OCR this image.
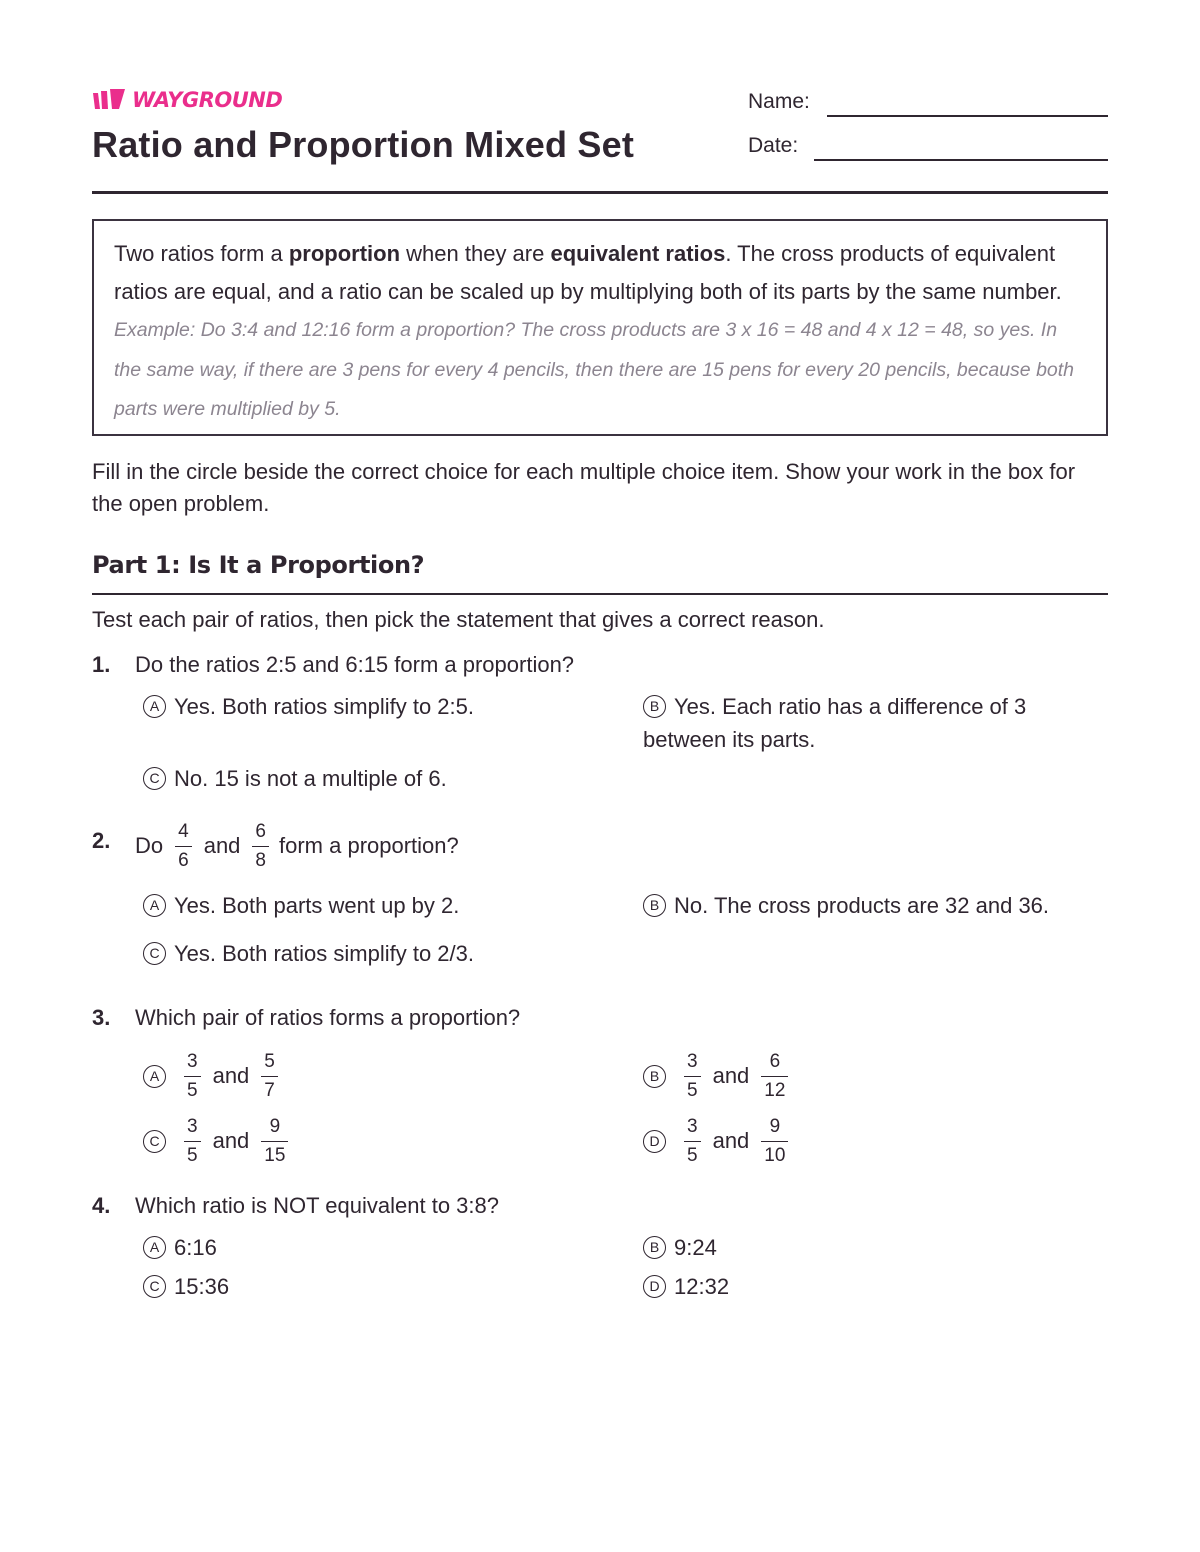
WAYGROUND
Ratio and Proportion Mixed Set
Name:
Date:
Two ratios form a proportion when they are equivalent ratios. The cross products of equivalent ratios are equal, and a ratio can be scaled up by multiplying both of its parts by the same number. Example: Do 3:4 and 12:16 form a proportion? The cross products are 3 x 16 = 48 and 4 x 12 = 48, so yes. In the same way, if there are 3 pens for every 4 pencils, then there are 15 pens for every 20 pencils, because both parts were multiplied by 5.
Fill in the circle beside the correct choice for each multiple choice item. Show your work in the box for the open problem.
Part 1: Is It a Proportion?
Test each pair of ratios, then pick the statement that gives a correct reason.
1. Do the ratios 2:5 and 6:15 form a proportion?
A Yes. Both ratios simplify to 2:5.	B Yes. Each ratio has a difference of 3 between its parts.
C No. 15 is not a multiple of 6.
2. Do $\frac{4}{6}$ and $\frac{6}{8}$ form a proportion?
A Yes. Both parts went up by 2.	B No. The cross products are 32 and 36.
C Yes. Both ratios simplify to 2/3.
3. Which pair of ratios forms a proportion?
A	$\frac{3}{5}$ and $\frac{5}{7}$	B	$\frac{3}{5}$ and $\frac{6}{12}$
C	$\frac{3}{5}$ and $\frac{9}{15}$	D	$\frac{3}{5}$ and $\frac{9}{10}$
4. Which ratio is NOT equivalent to 3:8?
A 6:16	B 9:24
C 15:36	D 12:32
